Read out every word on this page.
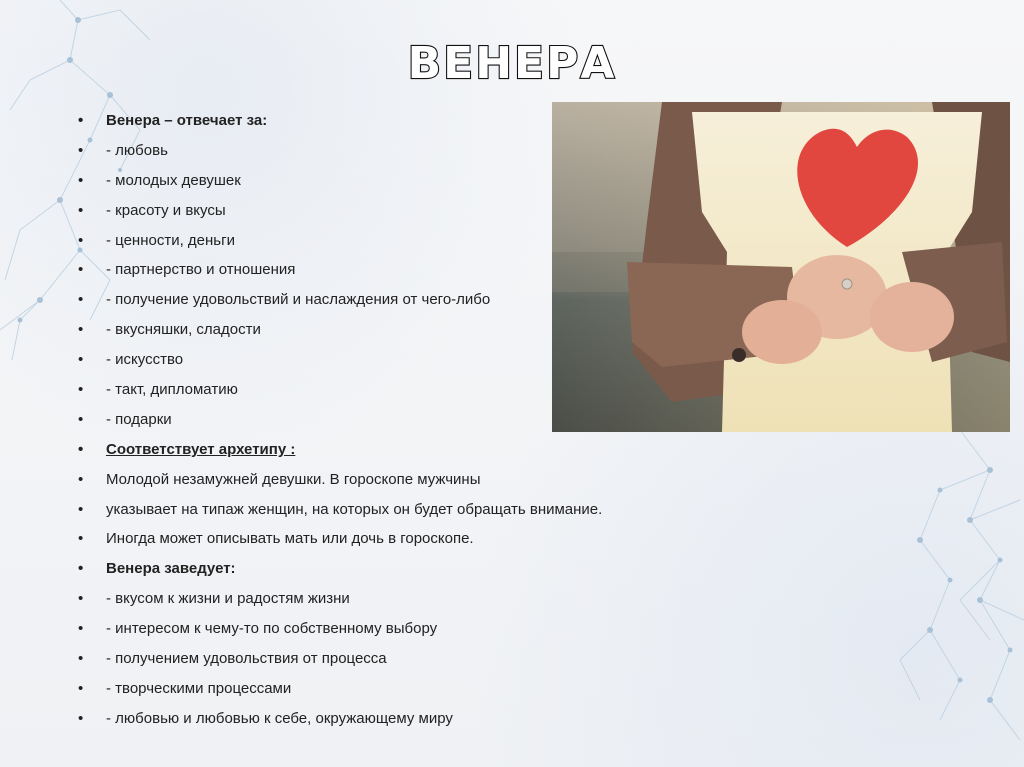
ВЕНЕРА
• Венера – отвечает за:
• - любовь
• - молодых девушек
• - красоту и вкусы
• - ценности, деньги
• - партнерство и отношения
• - получение удовольствий и наслаждения от чего-либо
• - вкусняшки, сладости
• - искусство
• - такт, дипломатию
• - подарки
• Соответствует архетипу :
• Молодой незамужней девушки. В гороскопе мужчины
• указывает на типаж женщин, на которых он будет обращать внимание.
• Иногда может описывать мать или дочь в гороскопе.
• Венера заведует:
• - вкусом к жизни и радостям жизни
• - интересом к чему-то по собственному выбору
• - получением удовольствия от процесса
• - творческими процессами
• - любовью и любовью к себе, окружающему миру
